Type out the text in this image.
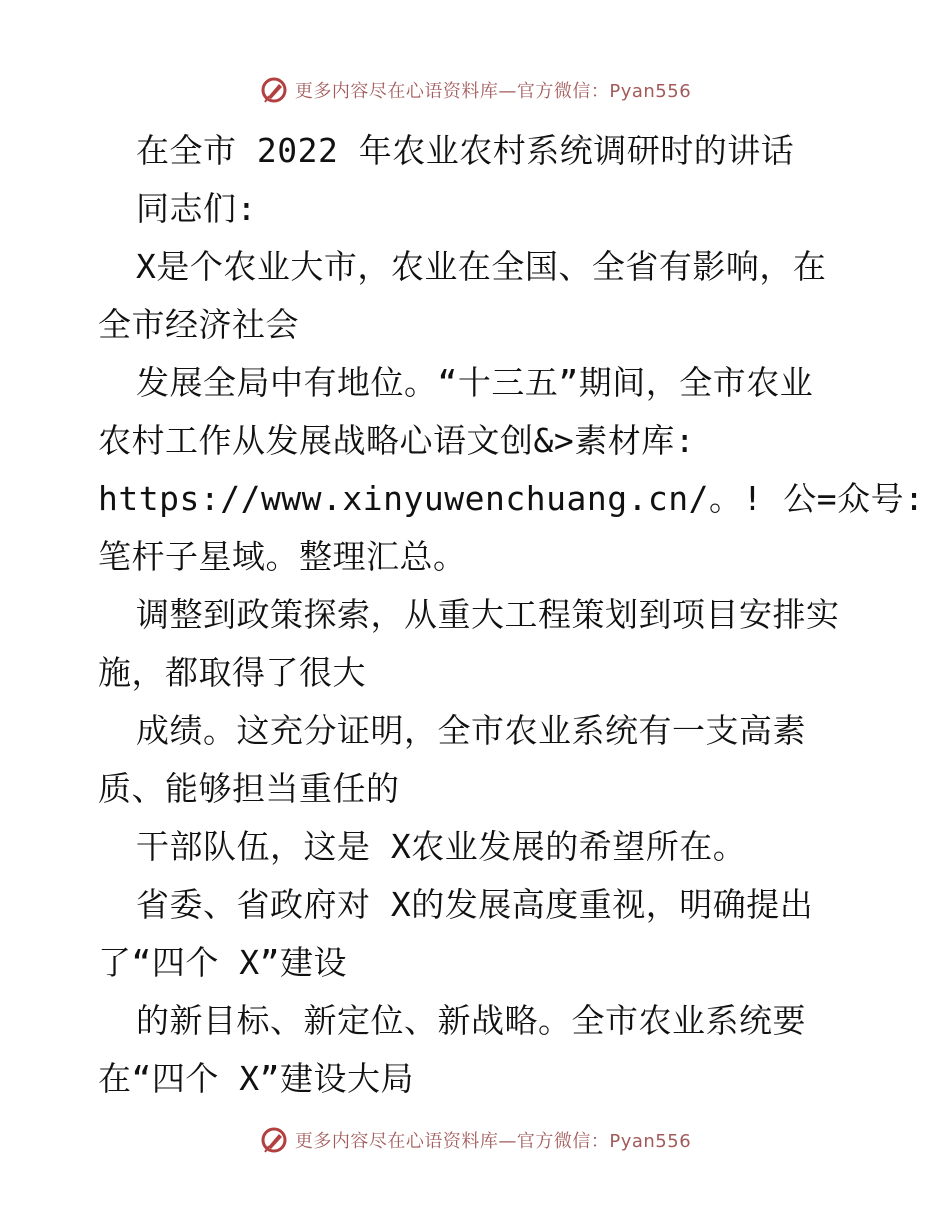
更多内容尽在心语资料库—官方微信：Pyan556
在全市 2022 年农业农村系统调研时的讲话
同志们:
X是个农业大市，农业在全国、全省有影响，在
全市经济社会
发展全局中有地位。“十三五”期间，全市农业
农村工作从发展战略心语文创&>素材库:
https://www.xinyuwenchuang.cn/。! 公=众号:
笔杆子星域。整理汇总。
调整到政策探索，从重大工程策划到项目安排实
施，都取得了很大
成绩。这充分证明，全市农业系统有一支高素
质、能够担当重任的
干部队伍，这是 X农业发展的希望所在。
省委、省政府对 X的发展高度重视，明确提出
了“四个 X”建设
的新目标、新定位、新战略。全市农业系统要
在“四个 X”建设大局
更多内容尽在心语资料库—官方微信：Pyan556
